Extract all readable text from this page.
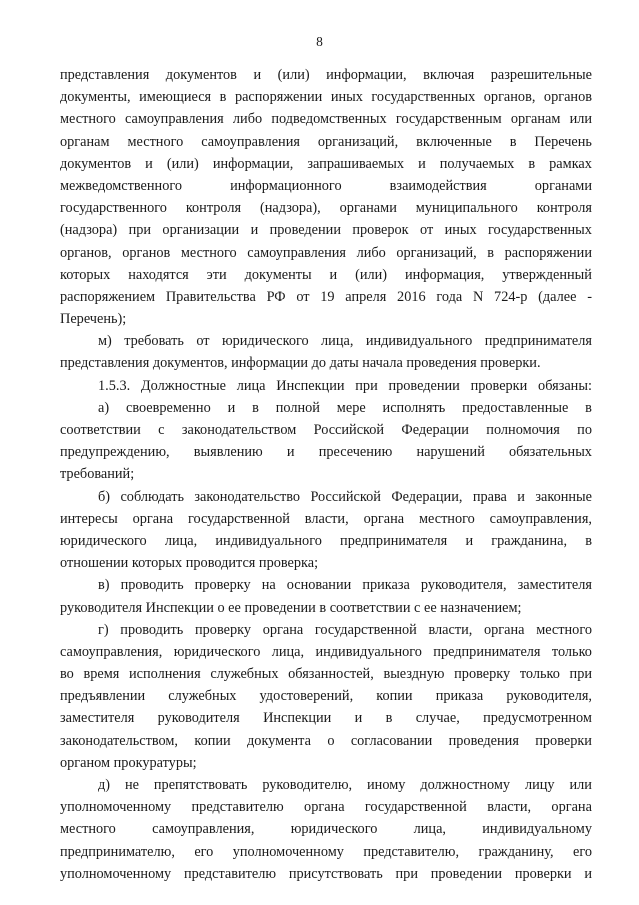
8
представления документов и (или) информации, включая разрешительные
документы, имеющиеся в распоряжении иных государственных органов, органов
местного самоуправления либо подведомственных государственным органам или
органам местного самоуправления организаций, включенные в Перечень
документов и (или) информации, запрашиваемых и получаемых в рамках
межведомственного	информационного	взаимодействия	органами
государственного контроля (надзора), органами муниципального контроля
(надзора) при организации и проведении проверок от иных государственных
органов, органов местного самоуправления либо организаций, в распоряжении
которых находятся эти документы и (или) информация, утвержденный
распоряжением Правительства РФ от 19 апреля 2016 года N 724-р (далее -
Перечень);
м) требовать от юридического лица, индивидуального предпринимателя
представления документов, информации до даты начала проведения проверки.
1.5.3. Должностные лица Инспекции при проведении проверки обязаны:
а) своевременно и в полной мере исполнять предоставленные в
соответствии с законодательством Российской Федерации полномочия по
предупреждению, выявлению и пресечению нарушений обязательных
требований;
б) соблюдать законодательство Российской Федерации, права и законные
интересы органа государственной власти, органа местного самоуправления,
юридического лица, индивидуального предпринимателя и гражданина, в
отношении которых проводится проверка;
в) проводить проверку на основании приказа руководителя, заместителя
руководителя Инспекции о ее проведении в соответствии с ее назначением;
г) проводить проверку органа государственной власти, органа местного
самоуправления, юридического лица, индивидуального предпринимателя только
во время исполнения служебных обязанностей, выездную проверку только при
предъявлении служебных удостоверений, копии приказа руководителя,
заместителя руководителя Инспекции и в случае, предусмотренном
законодательством, копии документа о согласовании проведения проверки
органом прокуратуры;
д) не препятствовать руководителю, иному должностному лицу или
уполномоченному представителю органа государственной власти, органа
местного	самоуправления,	юридического	лица,	индивидуальному
предпринимателю, его уполномоченному представителю, гражданину, его
уполномоченному представителю присутствовать при проведении проверки и
